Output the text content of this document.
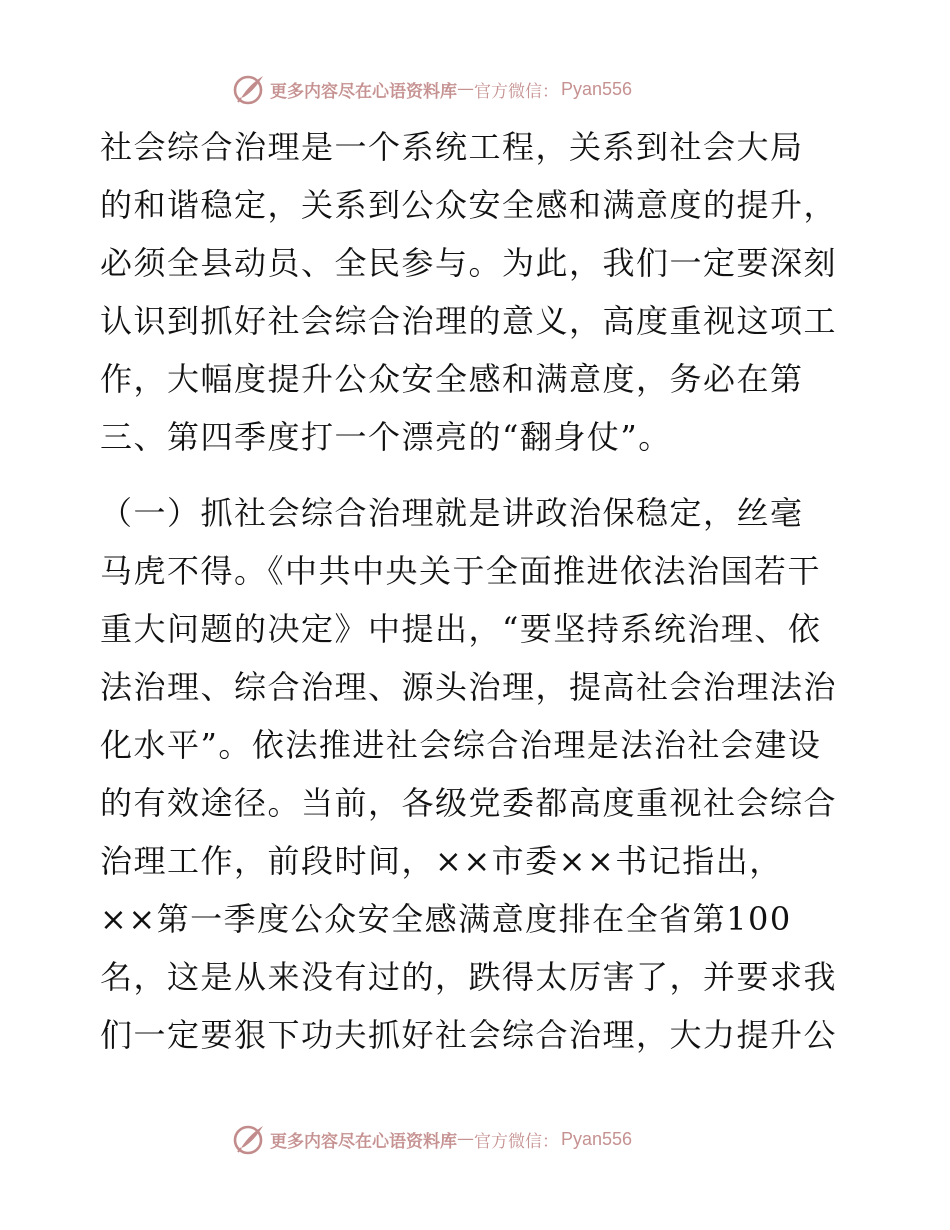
更多内容尽在心语资料库 — 官方微信： Pyan556
社会综合治理是一个系统工程，关系到社会大局
的和谐稳定，关系到公众安全感和满意度的提升，
必须全县动员、全民参与。为此，我们一定要深刻
认识到抓好社会综合治理的意义，高度重视这项工
作，大幅度提升公众安全感和满意度，务必在第
三、第四季度打一个漂亮的“翻身仗”。
（一）抓社会综合治理就是讲政治保稳定，丝毫
马虎不得。《中共中央关于全面推进依法治国若干
重大问题的决定》中提出，“要坚持系统治理、依
法治理、综合治理、源头治理，提高社会治理法治
化水平”。依法推进社会综合治理是法治社会建设
的有效途径。当前，各级党委都高度重视社会综合
治理工作，前段时间，××市委××书记指出，
××第一季度公众安全感满意度排在全省第100
名，这是从来没有过的，跌得太厉害了，并要求我
们一定要狠下功夫抓好社会综合治理，大力提升公
更多内容尽在心语资料库 — 官方微信： Pyan556
